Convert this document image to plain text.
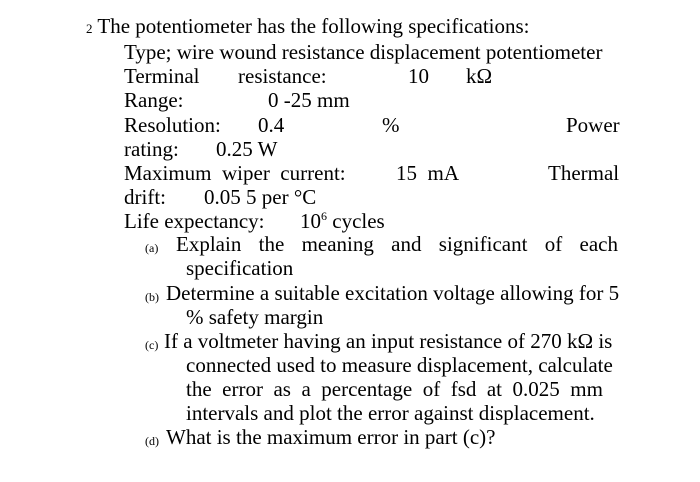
2 The potentiometer has the following specifications:
Type; wire wound resistance displacement potentiometer
Terminal resistance:	10 kΩ
Range:	0 -25 mm
Resolution: 0.4	%	Power
rating: 0.25 W
Maximum  wiper  current: 15  mA	Thermal
drift: 0.05 5 per °C
Life expectancy: $10^6$ cycles
(a) Explain the meaning and significant of each
specification
(b) Determine a suitable excitation voltage allowing for 5
% safety margin
(c) If a voltmeter having an input resistance of 270 kΩ is
connected used to measure displacement, calculate
the  error  as  a  percentage  of  fsd  at  0.025  mm
intervals and plot the error against displacement.
(d) What is the maximum error in part (c)?
